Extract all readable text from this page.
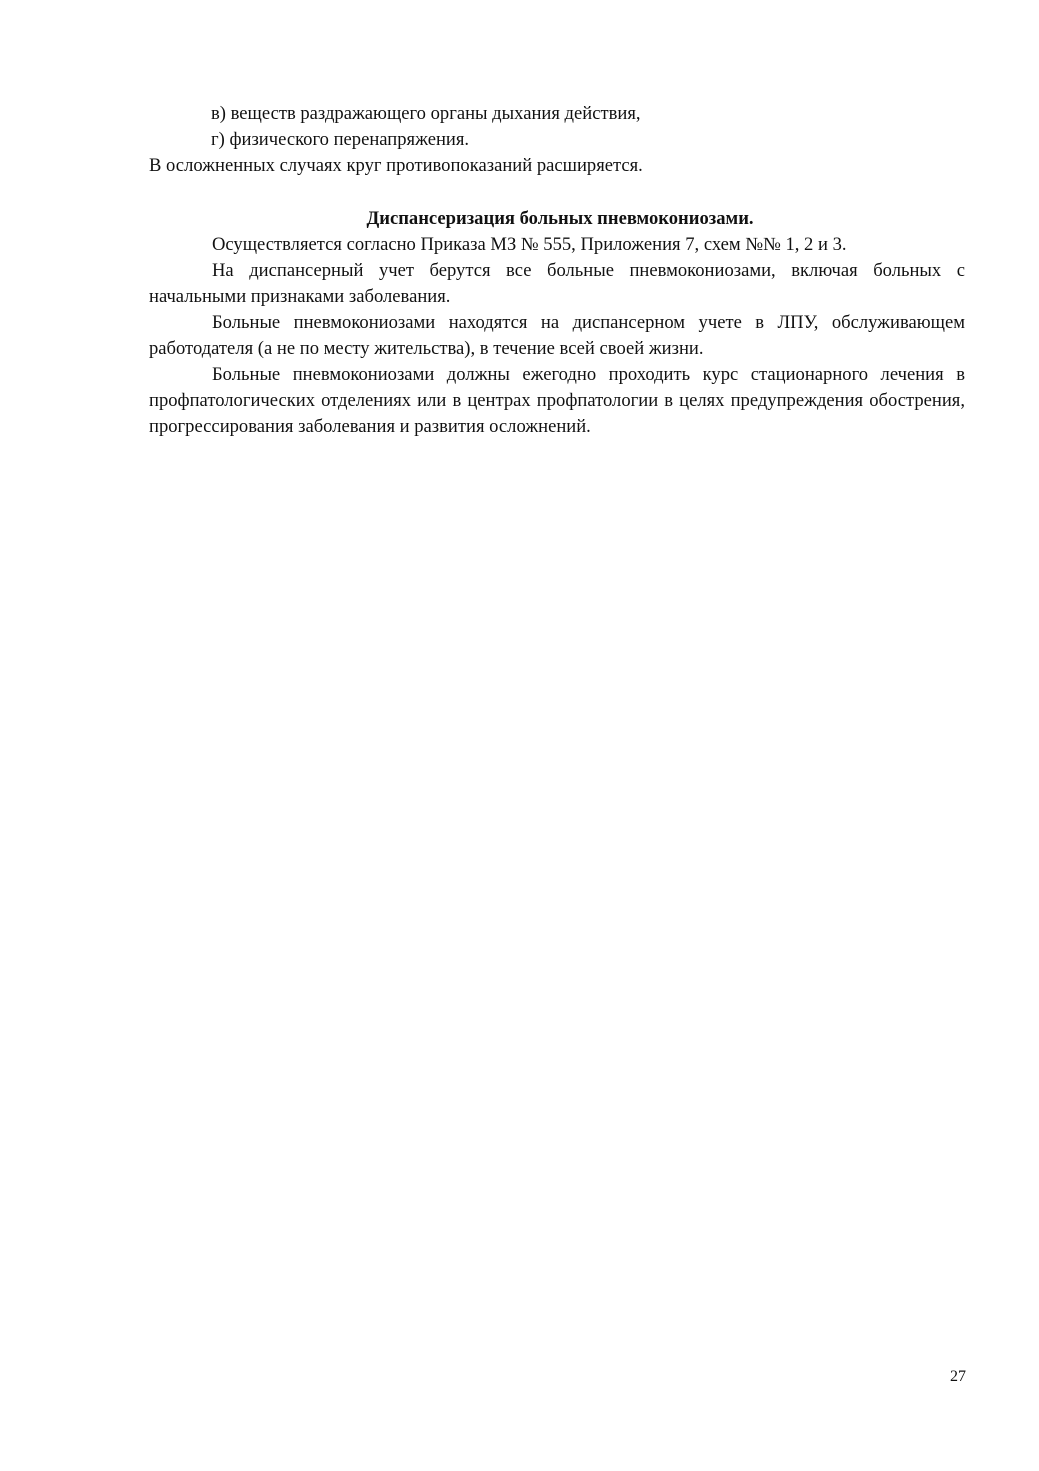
в) веществ раздражающего органы дыхания действия,
г) физического перенапряжения.
В осложненных случаях круг противопоказаний расширяется.
Диспансеризация больных пневмокониозами.

Осуществляется согласно Приказа МЗ № 555, Приложения 7, схем №№ 1, 2 и 3.

На диспансерный учет берутся все больные пневмокониозами, включая больных с начальными признаками заболевания.

Больные пневмокониозами находятся на диспансерном учете в ЛПУ, обслуживающем работодателя (а не по месту жительства), в течение всей своей жизни.

Больные пневмокониозами должны ежегодно проходить курс стационарного лечения в профпатологических отделениях или в центрах профпатологии в целях предупреждения обострения, прогрессирования заболевания и развития осложнений.

27
